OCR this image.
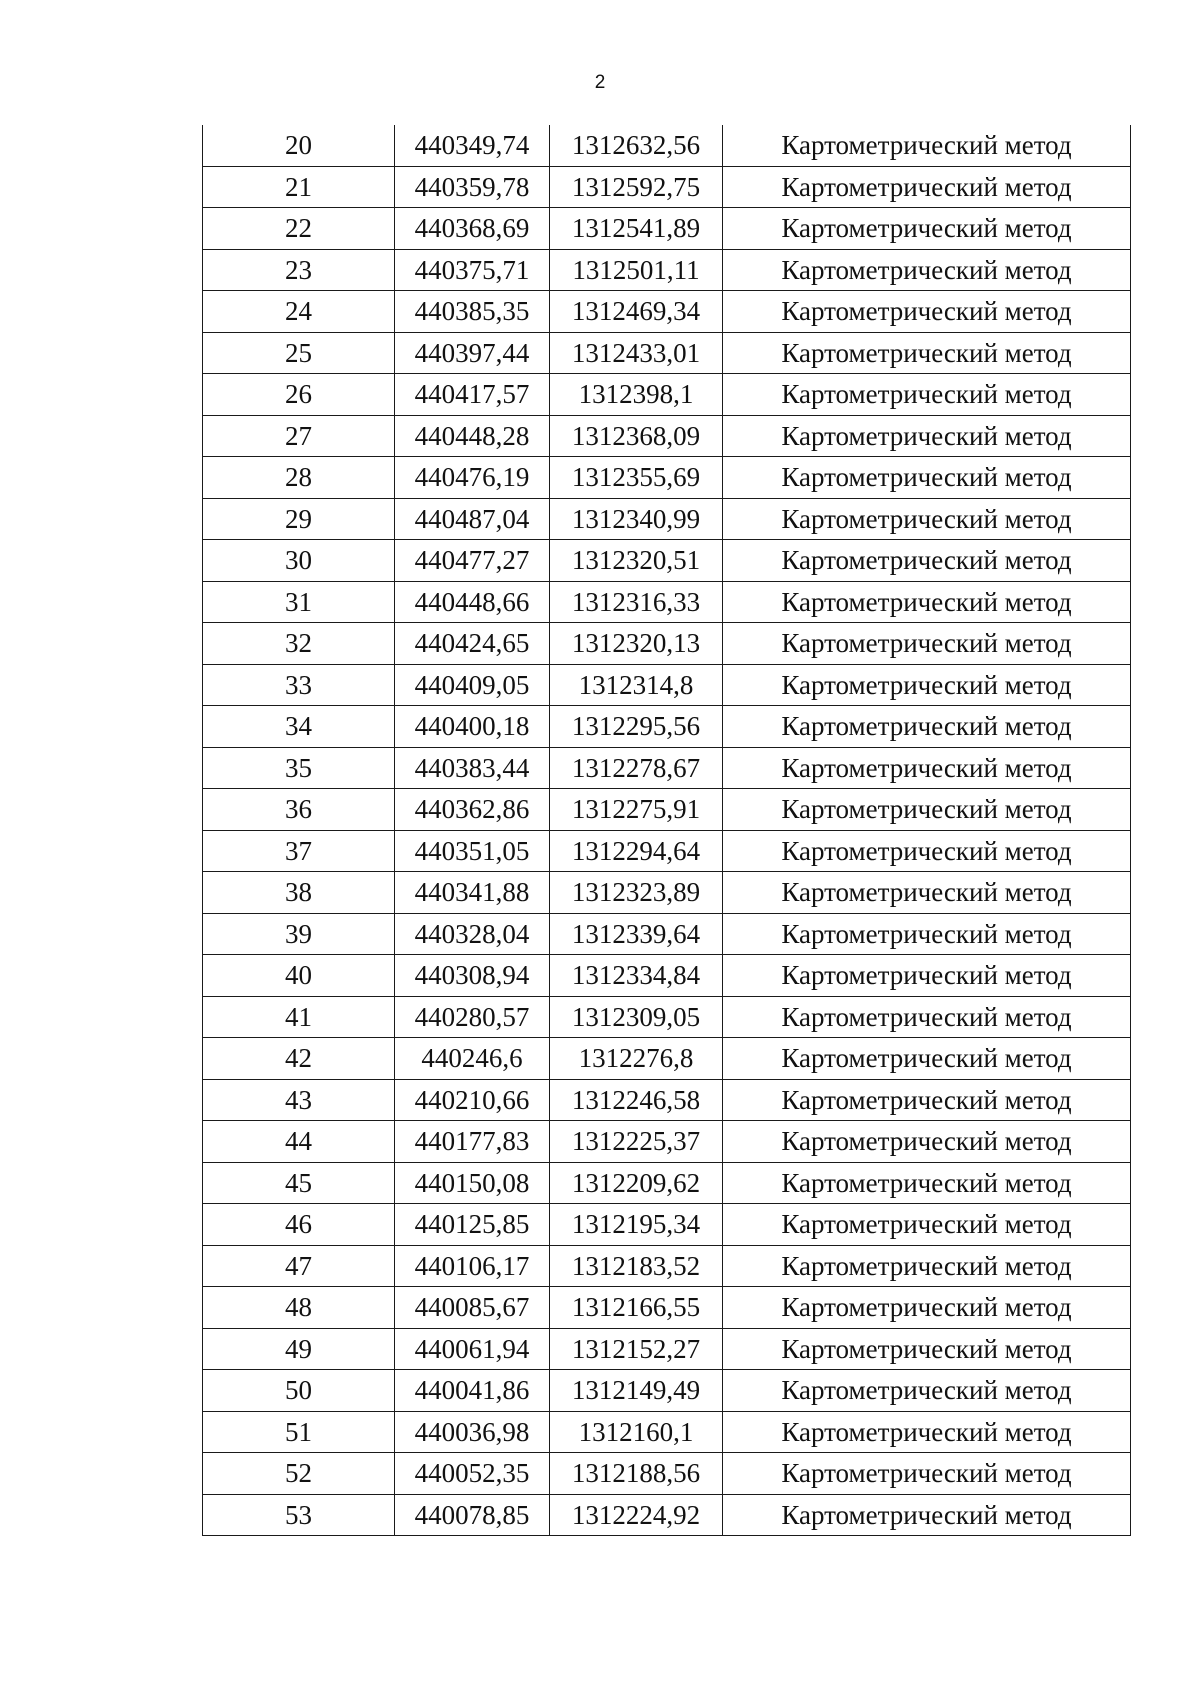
2
20	440349,74	1312632,56	Картометрический метод
21	440359,78	1312592,75	Картометрический метод
22	440368,69	1312541,89	Картометрический метод
23	440375,71	1312501,11	Картометрический метод
24	440385,35	1312469,34	Картометрический метод
25	440397,44	1312433,01	Картометрический метод
26	440417,57	1312398,1	Картометрический метод
27	440448,28	1312368,09	Картометрический метод
28	440476,19	1312355,69	Картометрический метод
29	440487,04	1312340,99	Картометрический метод
30	440477,27	1312320,51	Картометрический метод
31	440448,66	1312316,33	Картометрический метод
32	440424,65	1312320,13	Картометрический метод
33	440409,05	1312314,8	Картометрический метод
34	440400,18	1312295,56	Картометрический метод
35	440383,44	1312278,67	Картометрический метод
36	440362,86	1312275,91	Картометрический метод
37	440351,05	1312294,64	Картометрический метод
38	440341,88	1312323,89	Картометрический метод
39	440328,04	1312339,64	Картометрический метод
40	440308,94	1312334,84	Картометрический метод
41	440280,57	1312309,05	Картометрический метод
42	440246,6	1312276,8	Картометрический метод
43	440210,66	1312246,58	Картометрический метод
44	440177,83	1312225,37	Картометрический метод
45	440150,08	1312209,62	Картометрический метод
46	440125,85	1312195,34	Картометрический метод
47	440106,17	1312183,52	Картометрический метод
48	440085,67	1312166,55	Картометрический метод
49	440061,94	1312152,27	Картометрический метод
50	440041,86	1312149,49	Картометрический метод
51	440036,98	1312160,1	Картометрический метод
52	440052,35	1312188,56	Картометрический метод
53	440078,85	1312224,92	Картометрический метод
